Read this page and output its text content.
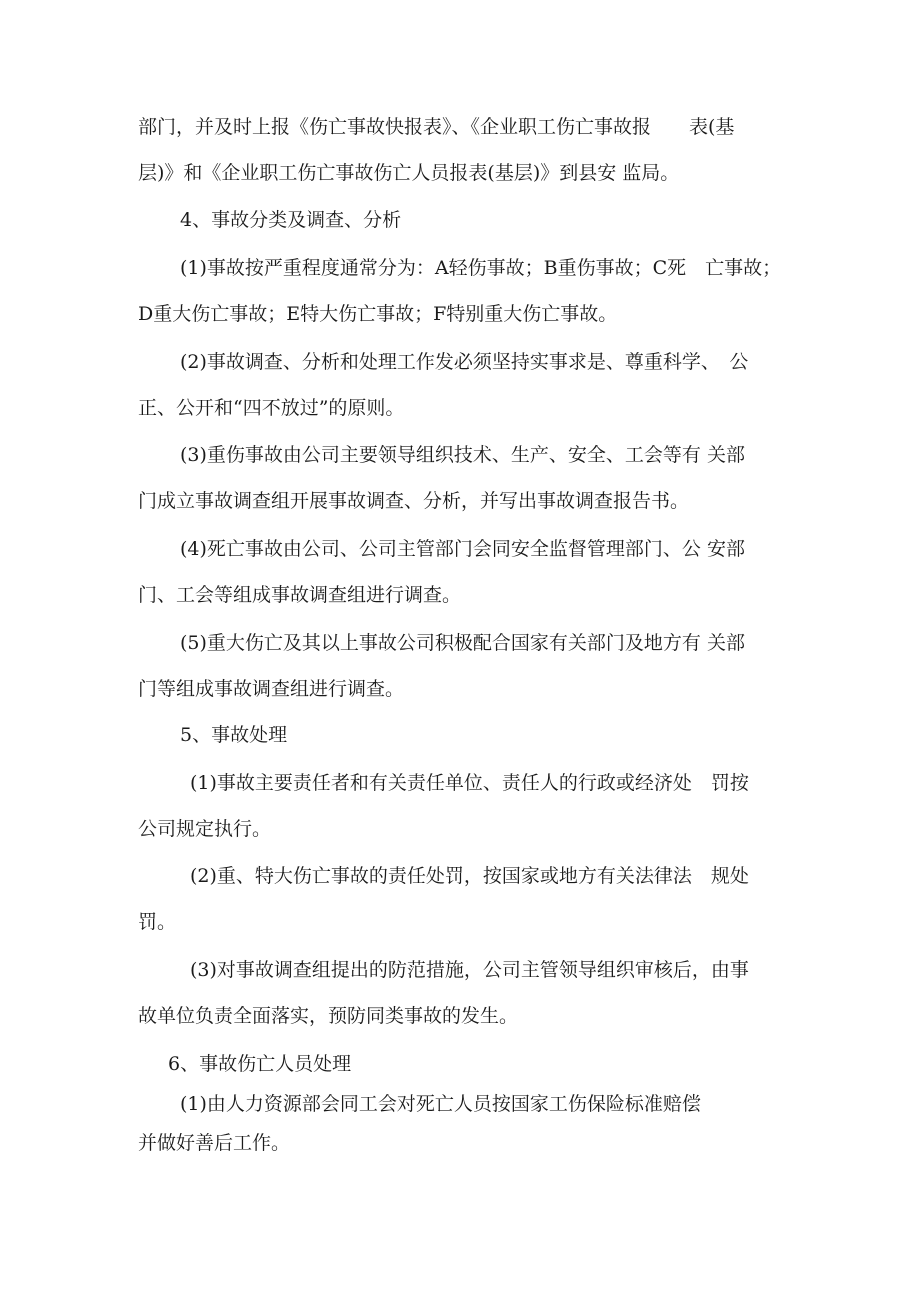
部门，并及时上报《伤亡事故快报表》、《企业职工伤亡事故报　　表(基

层)》和《企业职工伤亡事故伤亡人员报表(基层)》到县安 监局。

4、事故分类及调查、分析

(1)事故按严重程度通常分为：A轻伤事故；B重伤事故；C死　亡事故；

D重大伤亡事故；E特大伤亡事故；F特别重大伤亡事故。

(2)事故调查、分析和处理工作发必须坚持实事求是、尊重科学、　公

正、公开和“四不放过”的原则。

(3)重伤事故由公司主要领导组织技术、生产、安全、工会等有 关部

门成立事故调查组开展事故调查、分析，并写出事故调查报告书。

(4)死亡事故由公司、公司主管部门会同安全监督管理部门、公 安部

门、工会等组成事故调查组进行调查。

(5)重大伤亡及其以上事故公司积极配合国家有关部门及地方有 关部

门等组成事故调查组进行调查。

5、事故处理

(1)事故主要责任者和有关责任单位、责任人的行政或经济处　罚按

公司规定执行。

(2)重、特大伤亡事故的责任处罚，按国家或地方有关法律法　规处

罚。

(3)对事故调查组提出的防范措施，公司主管领导组织审核后，由事

故单位负责全面落实，预防同类事故的发生。

6、事故伤亡人员处理

(1)由人力资源部会同工会对死亡人员按国家工伤保险标准赔偿

并做好善后工作。
